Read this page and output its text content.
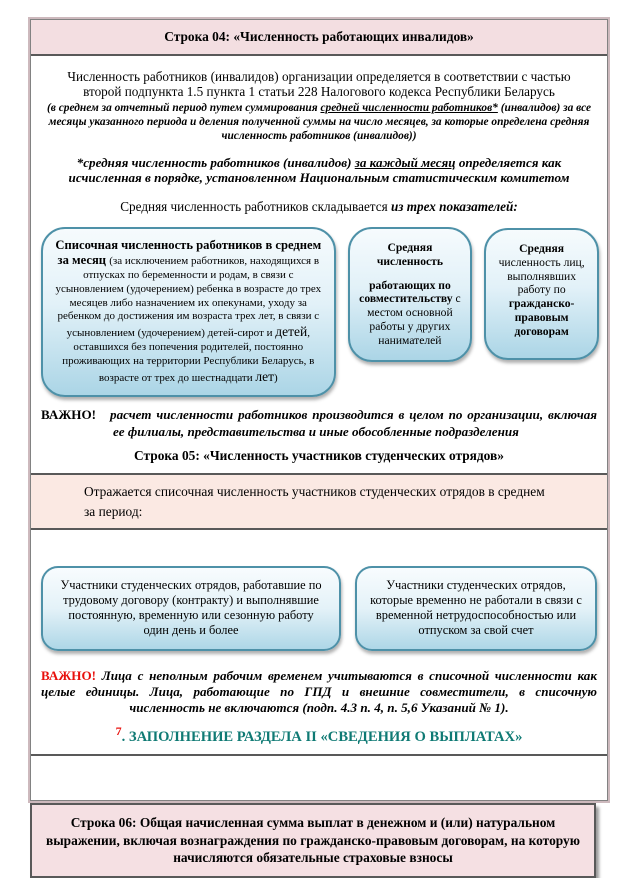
Строка 04: «Численность работающих инвалидов»

Численность работников (инвалидов) организации определяется в соответствии с частью второй подпункта 1.5 пункта 1 статьи 228 Налогового кодекса Республики Беларусь

(в среднем за отчетный период путем суммирования средней численности работников* (инвалидов) за все месяцы указанного периода и деления полученной суммы на число месяцев, за которые определена средняя численность работников (инвалидов))

*средняя численность работников (инвалидов) за каждый месяц определяется как исчисленная в порядке, установленном Национальным статистическим комитетом

Средняя численность работников складывается из трех показателей:

Списочная численность работников в среднем за месяц (за исключением работников, находящихся в отпусках по беременности и родам, в связи с усыновлением (удочерением) ребенка в возрасте до трех месяцев либо назначением их опекунами, уходу за ребенком до достижения им возраста трех лет, в связи с усыновлением (удочерением) детей-сирот и детей, оставшихся без попечения родителей, постоянно проживающих на территории Республики Беларусь, в возрасте от трех до шестнадцати лет)
Средняя численность
работающих по совместительству с местом основной работы у других нанимателей
Средняя численность лиц, выполнявших работу по гражданско-правовым договорам

ВАЖНО! расчет численности работников производится в целом по организации, включая ее филиалы, представительства и иные обособленные подразделения

Строка 05: «Численность участников студенческих отрядов»
Отражается списочная численность участников студенческих отрядов в среднем за период:
Участники студенческих отрядов, работавшие по трудовому договору (контракту) и выполнявшие постоянную, временную или сезонную работу один день и более
Участники студенческих отрядов, которые временно не работали в связи с временной нетрудоспособностью или отпуском за свой счет

ВАЖНО! Лица с неполным рабочим временем учитываются в списочной численности как целые единицы. Лица, работающие по ГПД и внешние совместители, в списочную численность не включаются (подп. 4.3 п. 4, п. 5,6 Указаний № 1).

$^7$. ЗАПОЛНЕНИЕ РАЗДЕЛА II «СВЕДЕНИЯ О ВЫПЛАТАХ»
Строка 06: Общая начисленная сумма выплат в денежном и (или) натуральном выражении, включая вознаграждения по гражданско-правовым договорам, на которую начисляются обязательные страховые взносы
